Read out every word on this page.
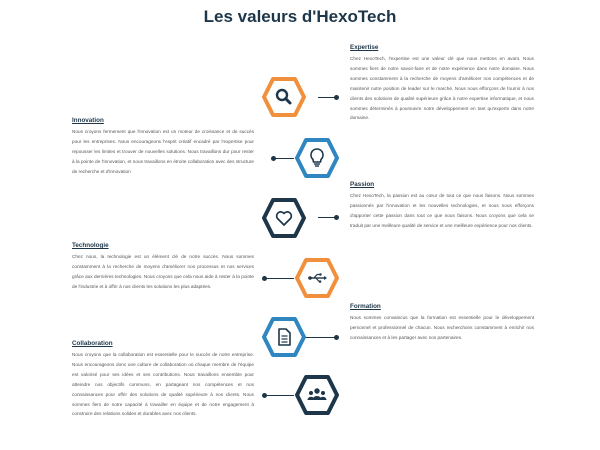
Les valeurs d'HexoTech
Expertise

Chez HexoTech, l'expertise est une valeur clé que nous mettons en avant. Nous sommes fiers de notre savoir-faire et de notre expérience dans notre domaine. Nous sommes constamment à la recherche de moyens d'améliorer nos compétences et de maintenir notre position de leader sur le marché. Nous nous efforçons de fournir à nos clients des solutions de qualité supérieure grâce à notre expertise informatique, et nous sommes déterminés à poursuivre notre développement en tant qu'experts dans notre domaine.

Innovation

Nous croyons fermement que l'innovation est un moteur de croissance et de succès pour les entreprises. Nous encourageons l'esprit créatif encadré par l'expertise pour repousser les limites et trouver de nouvelles solutions. Nous travaillons dur pour rester à la pointe de l'innovation, et nous travaillons en étroite collaboration avec des structure de recherche et d'innovation

Passion

Chez HexoTech, la passion est au cœur de tout ce que nous faisons. Nous sommes passionnés par l'innovation et les nouvelles technologies, et nous nous efforçons d'apporter cette passion dans tout ce que nous faisons. Nous croyons que cela se traduit par une meilleure qualité de service et une meilleure expérience pour nos clients.

Technologie

Chez nous, la technologie est un élément clé de notre succès. Nous sommes constamment à la recherche de moyens d'améliorer nos processus et nos services grâce aux dernières technologies. Nous croyons que cela nous aide à rester à la pointe de l'industrie et à offrir à nos clients les solutions les plus adaptées.

Formation

Nous sommes convaincus que la formation est essentielle pour le développement personnel et professionnel de chacun. Nous recherchons constamment à enrichir nos connaissances et à les partager avec nos partenaires.

Collaboration

Nous croyons que la collaboration est essentielle pour le succès de notre entreprise. Nous encourageons donc une culture de collaboration où chaque membre de l'équipe est valorisé pour ses idées et ses contributions. Nous travaillons ensemble pour atteindre nos objectifs communs, en partageant nos compétences et nos connaissances pour offrir des solutions de qualité supérieure à nos clients. Nous sommes fiers de notre capacité à travailler en équipe et de notre engagement à construire des relations solides et durables avec nos clients.
